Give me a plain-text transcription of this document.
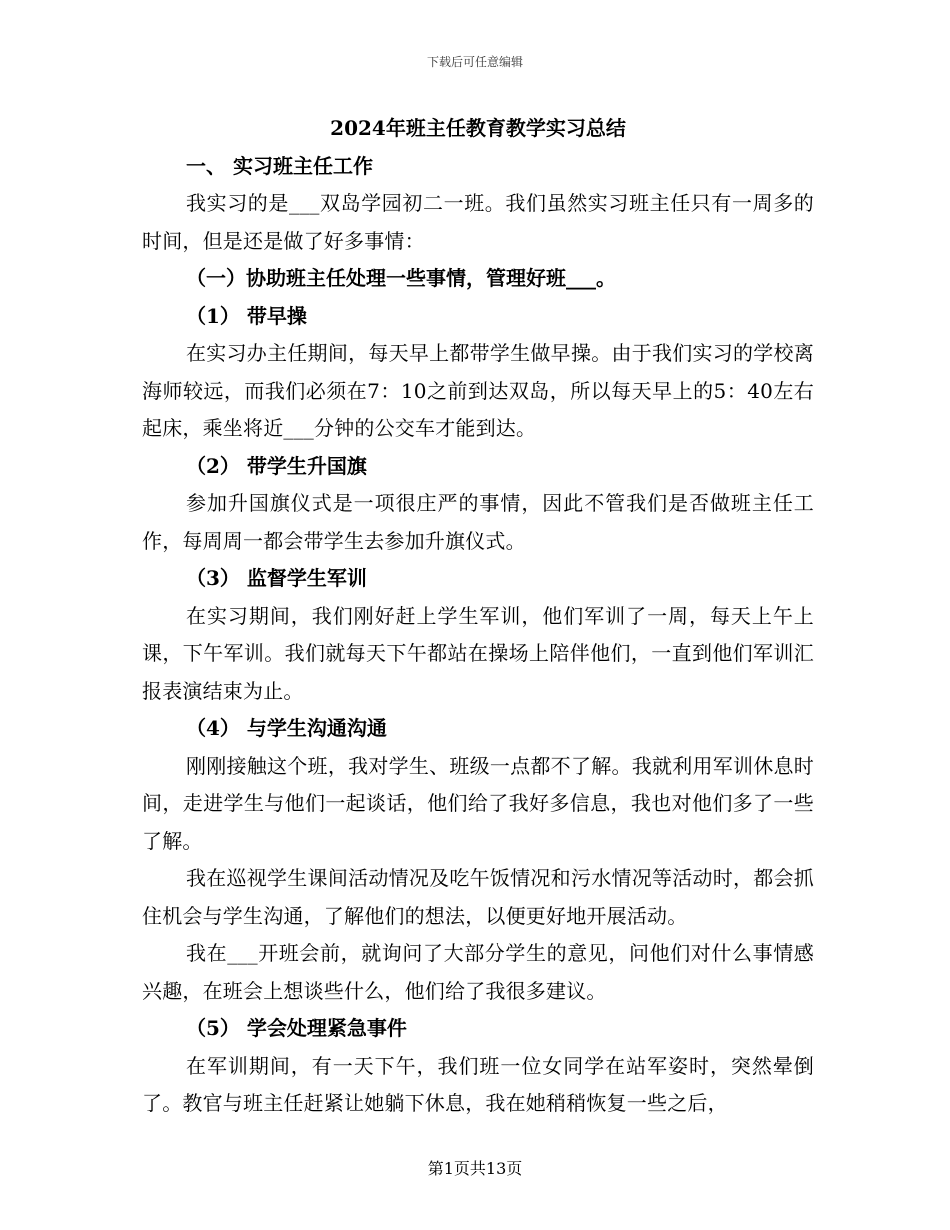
下载后可任意编辑
2024年班主任教育教学实习总结
一、 实习班主任工作
我实习的是___双岛学园初二一班。我们虽然实习班主任只有一周多的时间，但是还是做了好多事情：
（一）协助班主任处理一些事情，管理好班___。
（1） 带早操
在实习办主任期间，每天早上都带学生做早操。由于我们实习的学校离海师较远，而我们必须在7：10之前到达双岛，所以每天早上的5：40左右起床，乘坐将近___分钟的公交车才能到达。
（2） 带学生升国旗
参加升国旗仪式是一项很庄严的事情，因此不管我们是否做班主任工作，每周周一都会带学生去参加升旗仪式。
（3） 监督学生军训
在实习期间，我们刚好赶上学生军训，他们军训了一周，每天上午上课，下午军训。我们就每天下午都站在操场上陪伴他们，一直到他们军训汇报表演结束为止。
（4） 与学生沟通沟通
刚刚接触这个班，我对学生、班级一点都不了解。我就利用军训休息时间，走进学生与他们一起谈话，他们给了我好多信息，我也对他们多了一些了解。
我在巡视学生课间活动情况及吃午饭情况和污水情况等活动时，都会抓住机会与学生沟通，了解他们的想法，以便更好地开展活动。
我在___开班会前，就询问了大部分学生的意见，问他们对什么事情感兴趣，在班会上想谈些什么，他们给了我很多建议。
（5） 学会处理紧急事件
在军训期间，有一天下午，我们班一位女同学在站军姿时，突然晕倒了。教官与班主任赶紧让她躺下休息，我在她稍稍恢复一些之后，
第1页共13页
